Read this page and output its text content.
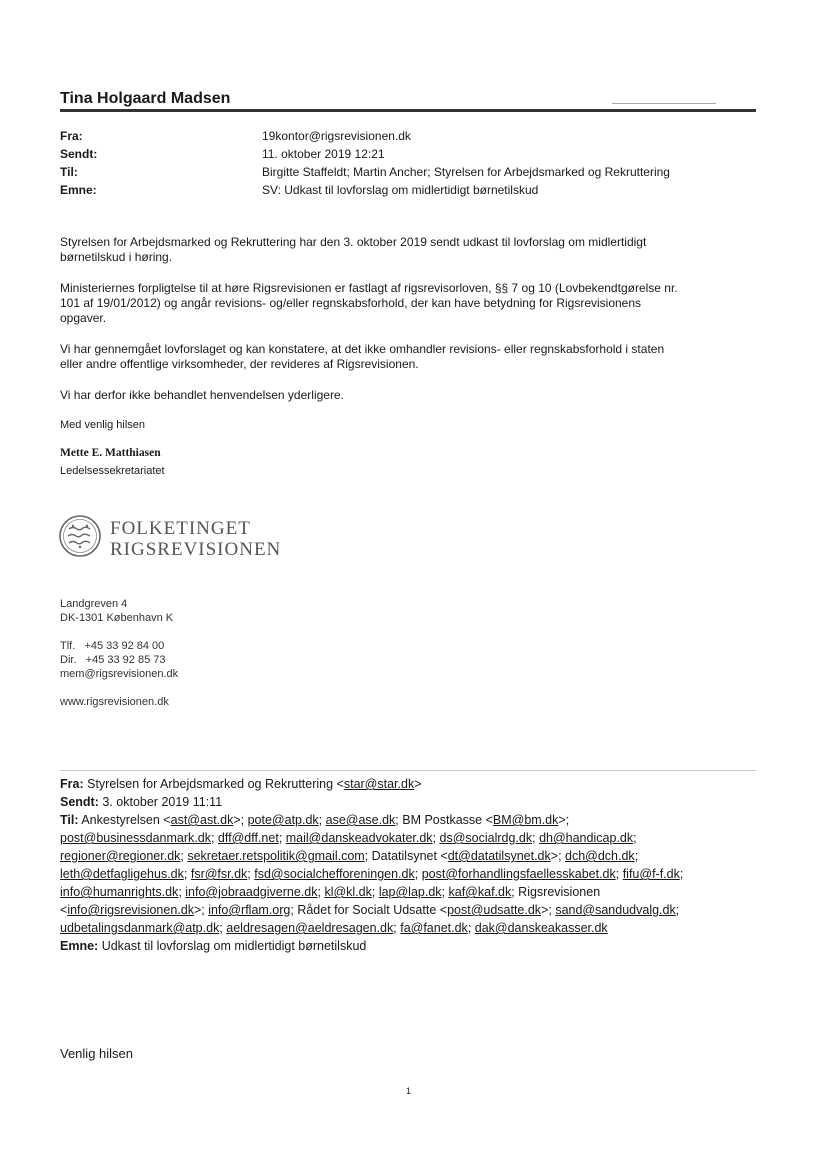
Tina Holgaard Madsen
Fra:	19kontor@rigsrevisionen.dk
Sendt:	11. oktober 2019 12:21
Til:	Birgitte Staffeldt; Martin Ancher; Styrelsen for Arbejdsmarked og Rekruttering
Emne:	SV: Udkast til lovforslag om midlertidigt børnetilskud
Styrelsen for Arbejdsmarked og Rekruttering har den 3. oktober 2019 sendt udkast til lovforslag om midlertidigt
børnetilskud i høring.
Ministeriernes forpligtelse til at høre Rigsrevisionen er fastlagt af rigsrevisorloven, §§ 7 og 10 (Lovbekendtgørelse nr.
101 af 19/01/2012) og angår revisions- og/eller regnskabsforhold, der kan have betydning for Rigsrevisionens
opgaver.
Vi har gennemgået lovforslaget og kan konstatere, at det ikke omhandler revisions- eller regnskabsforhold i staten
eller andre offentlige virksomheder, der revideres af Rigsrevisionen.
Vi har derfor ikke behandlet henvendelsen yderligere.
Med venlig hilsen
Mette E. Matthiasen
Ledelsessekretariatet
FOLKETINGET
RIGSREVISIONEN
Landgreven 4
DK-1301 København K
Tlf.   +45 33 92 84 00
Dir.   +45 33 92 85 73
mem@rigsrevisionen.dk
www.rigsrevisionen.dk
Fra: Styrelsen for Arbejdsmarked og Rekruttering <star@star.dk>
Sendt: 3. oktober 2019 11:11
Til: Ankestyrelsen <ast@ast.dk>; pote@atp.dk; ase@ase.dk; BM Postkasse <BM@bm.dk>;
post@businessdanmark.dk; dff@dff.net; mail@danskeadvokater.dk; ds@socialrdg.dk; dh@handicap.dk;
regioner@regioner.dk; sekretaer.retspolitik@gmail.com; Datatilsynet <dt@datatilsynet.dk>; dch@dch.dk;
leth@detfagligehus.dk; fsr@fsr.dk; fsd@socialchefforeningen.dk; post@forhandlingsfaellesskabet.dk; fifu@f-f.dk;
info@humanrights.dk; info@jobraadgiverne.dk; kl@kl.dk; lap@lap.dk; kaf@kaf.dk; Rigsrevisionen
<info@rigsrevisionen.dk>; info@rflam.org; Rådet for Socialt Udsatte <post@udsatte.dk>; sand@sandudvalg.dk;
udbetalingsdanmark@atp.dk; aeldresagen@aeldresagen.dk; fa@fanet.dk; dak@danskeakasser.dk
Emne: Udkast til lovforslag om midlertidigt børnetilskud
Venlig hilsen
1
